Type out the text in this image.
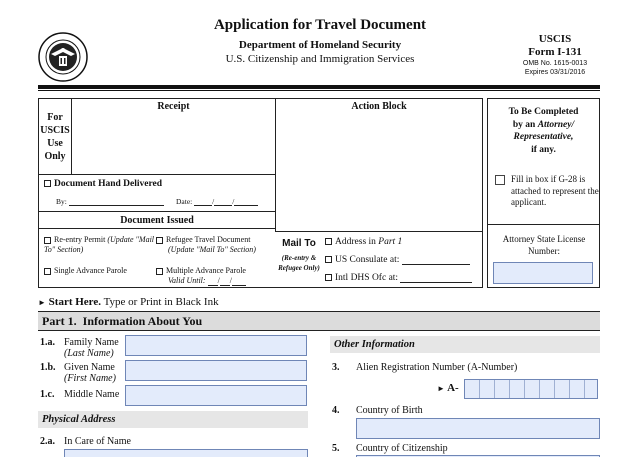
Application for Travel Document
Department of Homeland Security
U.S. Citizenship and Immigration Services
USCIS
Form I-131
OMB No. 1615-0013
Expires 03/31/2016
For USCIS Use Only
Receipt	Action Block
Document Hand Delivered
By:	Date:	/ /
Document Issued
Re-entry Permit (Update "Mail To" Section)
Refugee Travel Document
(Update "Mail To" Section)
Single Advance Parole	Multiple Advance Parole
Valid Until: / /
Mail To
(Re-entry & Refugee Only)
Address in Part 1
US Consulate at:
Intl DHS Ofc at:
To Be Completed
by an Attorney/
Representative,
if any.
Fill in box if G-28 is attached to represent the applicant.
Attorney State License Number:
► Start Here. Type or Print in Black Ink
Part 1.  Information About You
1.a. Family Name
(Last Name)
1.b. Given Name
(First Name)
1.c. Middle Name
Physical Address
2.a. In Care of Name
Other Information
3. Alien Registration Number (A-Number)
► A-
4. Country of Birth
5. Country of Citizenship
